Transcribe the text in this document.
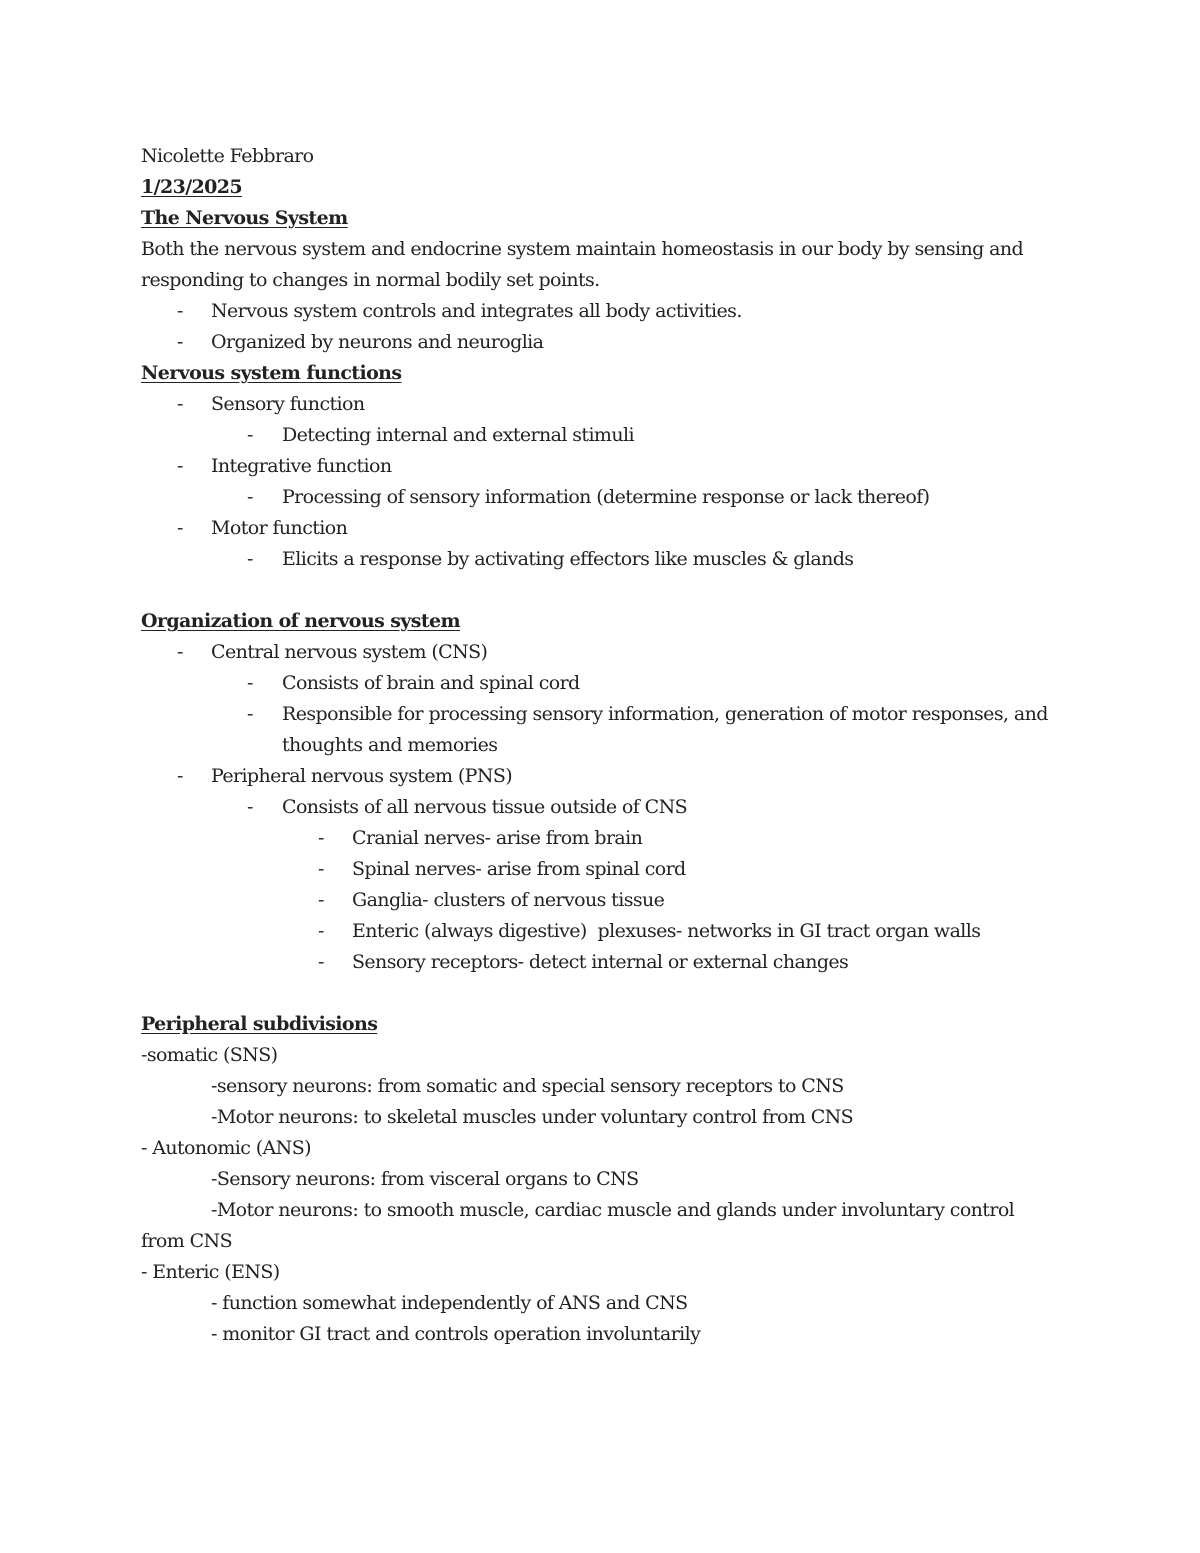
Nicolette Febbraro
1/23/2025
The Nervous System
Both the nervous system and endocrine system maintain homeostasis in our body by sensing and responding to changes in normal bodily set points.
- Nervous system controls and integrates all body activities.
- Organized by neurons and neuroglia
Nervous system functions
- Sensory function
- Detecting internal and external stimuli
- Integrative function
- Processing of sensory information (determine response or lack thereof)
- Motor function
- Elicits a response by activating effectors like muscles & glands
Organization of nervous system
- Central nervous system (CNS)
- Consists of brain and spinal cord
- Responsible for processing sensory information, generation of motor responses, and thoughts and memories
- Peripheral nervous system (PNS)
- Consists of all nervous tissue outside of CNS
- Cranial nerves- arise from brain
- Spinal nerves- arise from spinal cord
- Ganglia- clusters of nervous tissue
- Enteric (always digestive)  plexuses- networks in GI tract organ walls
- Sensory receptors- detect internal or external changes
Peripheral subdivisions
-somatic (SNS)
-sensory neurons: from somatic and special sensory receptors to CNS
-Motor neurons: to skeletal muscles under voluntary control from CNS
- Autonomic (ANS)
-Sensory neurons: from visceral organs to CNS
-Motor neurons: to smooth muscle, cardiac muscle and glands under involuntary control
from CNS
- Enteric (ENS)
- function somewhat independently of ANS and CNS
- monitor GI tract and controls operation involuntarily
